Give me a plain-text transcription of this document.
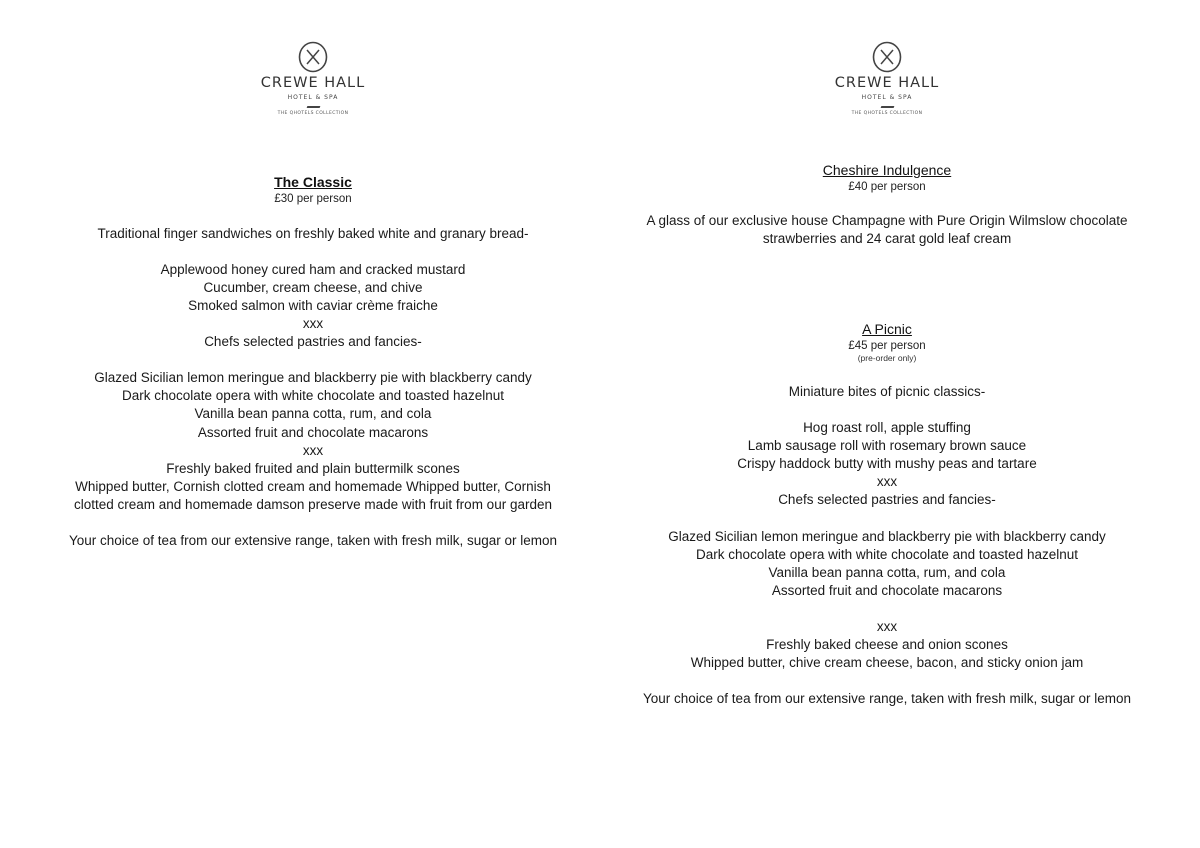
CREWE HALL
HOTEL & SPA
THE QHOTELS COLLECTION
The Classic
£30 per person
Traditional finger sandwiches on freshly baked white and granary bread-
Applewood honey cured ham and cracked mustard
Cucumber, cream cheese, and chive
Smoked salmon with caviar crème fraiche
xxx
Chefs selected pastries and fancies-
Glazed Sicilian lemon meringue and blackberry pie with blackberry candy
Dark chocolate opera with white chocolate and toasted hazelnut
Vanilla bean panna cotta, rum, and cola
Assorted fruit and chocolate macarons
xxx
Freshly baked fruited and plain buttermilk scones
Whipped butter, Cornish clotted cream and homemade Whipped butter, Cornish
clotted cream and homemade damson preserve made with fruit from our garden
Your choice of tea from our extensive range, taken with fresh milk, sugar or lemon
CREWE HALL
HOTEL & SPA
THE QHOTELS COLLECTION
Cheshire Indulgence
£40 per person
A glass of our exclusive house Champagne with Pure Origin Wilmslow chocolate
strawberries and 24 carat gold leaf cream
A Picnic
£45 per person
(pre-order only)
Miniature bites of picnic classics-
Hog roast roll, apple stuffing
Lamb sausage roll with rosemary brown sauce
Crispy haddock butty with mushy peas and tartare
xxx
Chefs selected pastries and fancies-
Glazed Sicilian lemon meringue and blackberry pie with blackberry candy
Dark chocolate opera with white chocolate and toasted hazelnut
Vanilla bean panna cotta, rum, and cola
Assorted fruit and chocolate macarons
xxx
Freshly baked cheese and onion scones
Whipped butter, chive cream cheese, bacon, and sticky onion jam
Your choice of tea from our extensive range, taken with fresh milk, sugar or lemon
